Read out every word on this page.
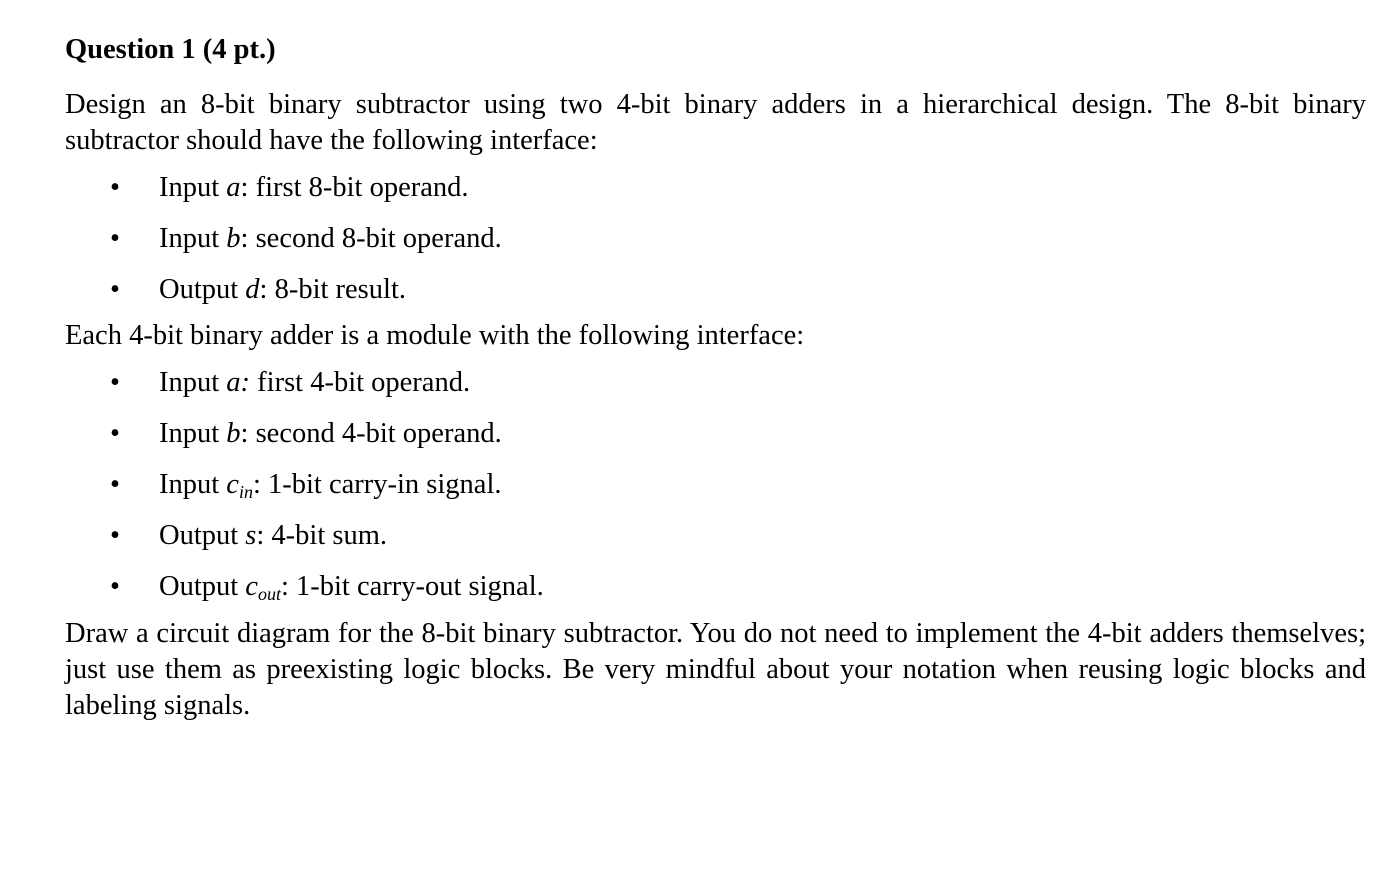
Question 1 (4 pt.)

Design an 8-bit binary subtractor using two 4-bit binary adders in a hierarchical design. The 8-bit binary subtractor should have the following interface:

• Input a: first 8-bit operand.
• Input b: second 8-bit operand.
• Output d: 8-bit result.

Each 4-bit binary adder is a module with the following interface:

• Input a: first 4-bit operand.
• Input b: second 4-bit operand.
• Input $c_{in}$: 1-bit carry-in signal.
• Output s: 4-bit sum.
• Output $c_{out}$: 1-bit carry-out signal.

Draw a circuit diagram for the 8-bit binary subtractor. You do not need to implement the 4-bit adders themselves; just use them as preexisting logic blocks. Be very mindful about your notation when reusing logic blocks and labeling signals.
